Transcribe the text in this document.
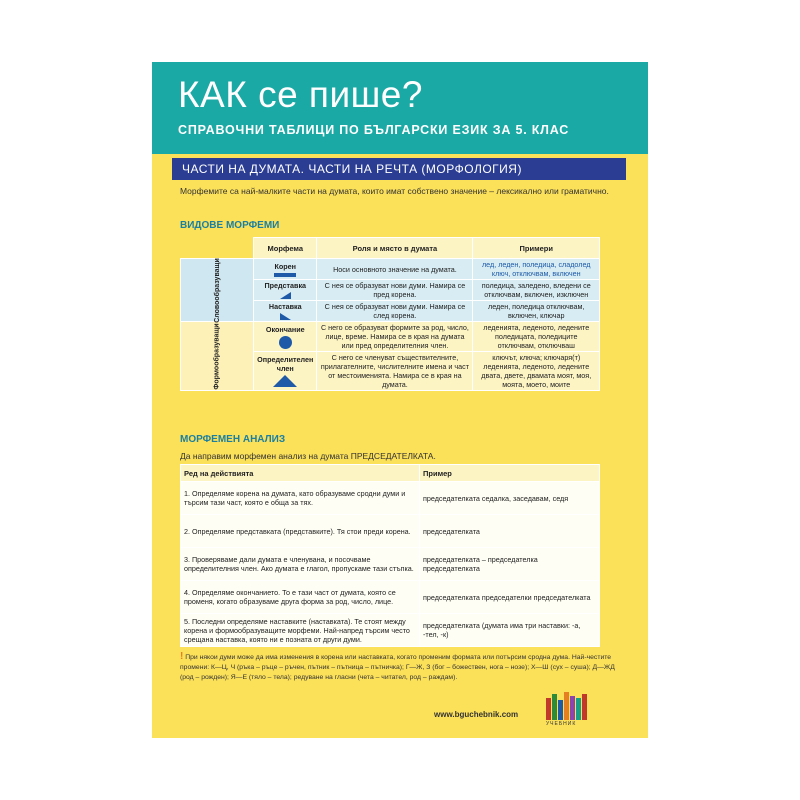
КАК се пише?
СПРАВОЧНИ ТАБЛИЦИ ПО БЪЛГАРСКИ ЕЗИК ЗА 5. КЛАС
ЧАСТИ НА ДУМАТА. ЧАСТИ НА РЕЧТА (МОРФОЛОГИЯ)
Морфемите са най-малките части на думата, които имат собствено значение – лексикално или граматично.
ВИДОВЕ МОРФЕМИ
	Морфема	Роля и място в думата	Примери
Словообразуващи	Корен	Носи основното значение на думата.	лед, леден, поледица, сладолед ключ, отключвам, включен
	Представка	С нея се образуват нови думи. Намира се пред корена.	поледица, заледено, вледени се отключвам, включен, изключен
	Наставка	С нея се образуват нови думи. Намира се след корена.	леден, поледица отключвам, включен, ключар
Формообразуващи	Окончание	С него се образуват формите за род, число, лице, време. Намира се в края на думата или пред определителния член.	леденията, леденото, ледените поледицата, поледиците отключвам, отключваш
	Определителен член	С него се членуват съществителните, прилагателните, числителните имена и част от местоименията. Намира се в края на думата.	ключът, ключа; ключаря(т) леденията, леденото, ледените двата, двете, двамата моят, моя, моята, моето, моите
МОРФЕМЕН АНАЛИЗ
Да направим морфемен анализ на думата ПРЕДСЕДАТЕЛКАТА.
Ред на действията	Пример
1. Определяме корена на думата, като образуваме сродни думи и търсим тази част, която е обща за тях.	председателката седалка, заседавам, седя
2. Определяме представката (представките). Тя стои преди корена.	председателката
3. Проверяваме дали думата е членувана, и посочваме определителния член. Ако думата е глагол, пропускаме тази стъпка.	председателката – председателка председателката
4. Определяме окончанието. То е тази част от думата, която се променя, когато образуваме друга форма за род, число, лице.	председателката председателки председателката
5. Последни определяме наставките (наставката). Те стоят между корена и формообразуващите морфеми. Най-напред търсим често срещана наставка, която ни е позната от други думи.	председателката (думата има три наставки: -а, -тел, -к)
! При някои думи може да има изменения в корена или наставката, когато променим формата или потърсим сродна дума. Най-честите промени: К—Ц, Ч (ръка – ръце – ръчен, пътник – пътница – пътничка); Г—Ж, З (бог – божествен, нога – нозе); Х—Ш (сух – суша); Д—ЖД (род – рожден); Я—Е (тяло – тела); редуване на гласни (чета – читател, род – раждам).
www.bguchebnik.com
УЧЕБНИК
